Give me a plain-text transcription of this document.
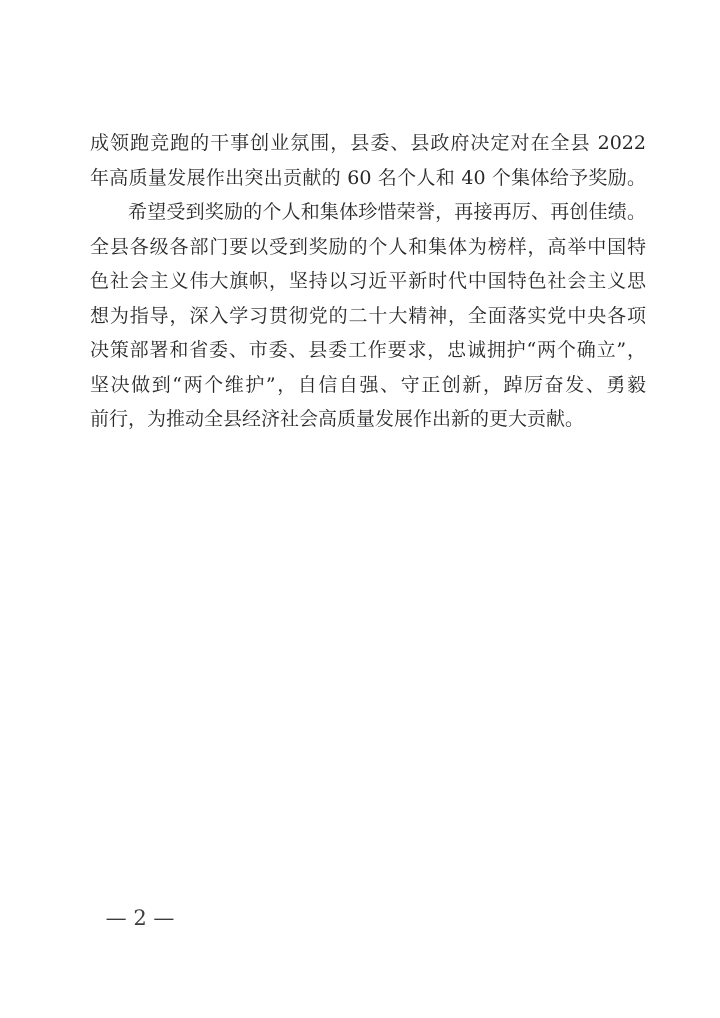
成领跑竞跑的干事创业氛围，县委、县政府决定对在全县 2022
年高质量发展作出突出贡献的 60 名个人和 40 个集体给予奖励。
希望受到奖励的个人和集体珍惜荣誉，再接再厉、再创佳绩。
全县各级各部门要以受到奖励的个人和集体为榜样，高举中国特
色社会主义伟大旗帜，坚持以习近平新时代中国特色社会主义思
想为指导，深入学习贯彻党的二十大精神，全面落实党中央各项
决策部署和省委、市委、县委工作要求，忠诚拥护“两个确立”，
坚决做到“两个维护”，自信自强、守正创新，踔厉奋发、勇毅
前行，为推动全县经济社会高质量发展作出新的更大贡献。
— 2 —
